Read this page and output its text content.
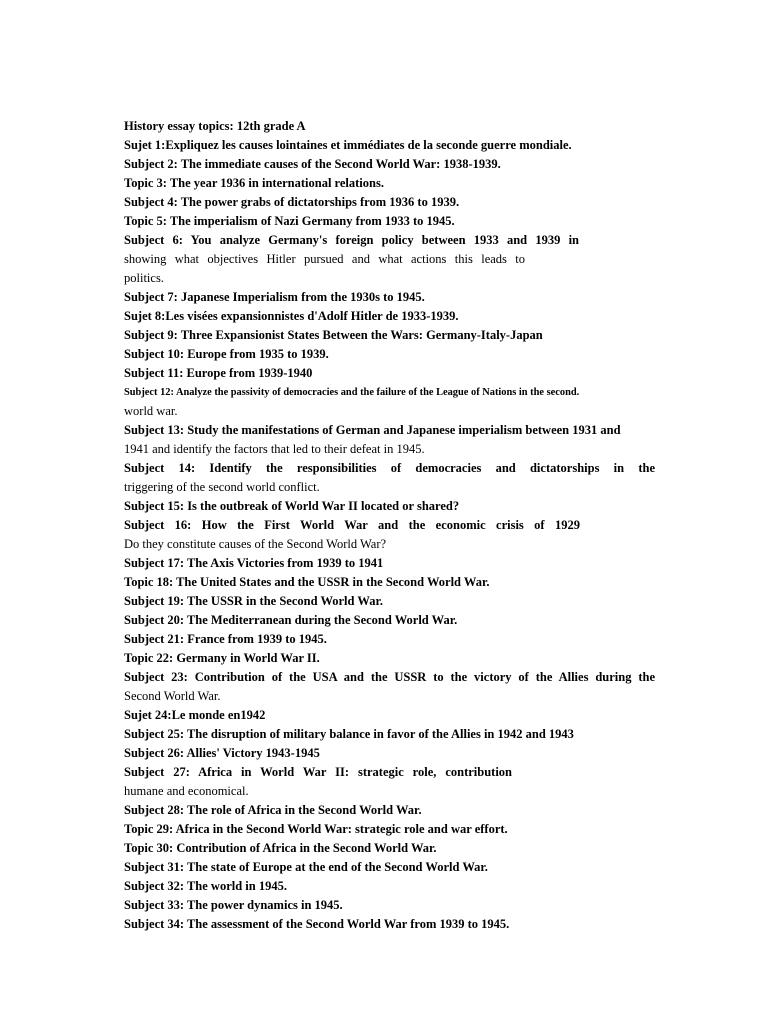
History essay topics: 12th grade A
Sujet 1:Expliquez les causes lointaines et immédiates de la seconde guerre mondiale.
Subject 2: The immediate causes of the Second World War: 1938-1939.
Topic 3: The year 1936 in international relations.
Subject 4: The power grabs of dictatorships from 1936 to 1939.
Topic 5: The imperialism of Nazi Germany from 1933 to 1945.
Subject 6: You analyze Germany's foreign policy between 1933 and 1939 in
showing what objectives Hitler pursued and what actions this leads to
politics.
Subject 7: Japanese Imperialism from the 1930s to 1945.
Sujet 8:Les visées expansionnistes d'Adolf Hitler de 1933-1939.
Subject 9: Three Expansionist States Between the Wars: Germany-Italy-Japan
Subject 10: Europe from 1935 to 1939.
Subject 11: Europe from 1939-1940
Subject 12: Analyze the passivity of democracies and the failure of the League of Nations in the second.
world war.
Subject 13: Study the manifestations of German and Japanese imperialism between 1931 and
1941 and identify the factors that led to their defeat in 1945.
Subject 14: Identify the responsibilities of democracies and dictatorships in the
triggering of the second world conflict.
Subject 15: Is the outbreak of World War II located or shared?
Subject 16: How the First World War and the economic crisis of 1929
Do they constitute causes of the Second World War?
Subject 17: The Axis Victories from 1939 to 1941
Topic 18: The United States and the USSR in the Second World War.
Subject 19: The USSR in the Second World War.
Subject 20: The Mediterranean during the Second World War.
Subject 21: France from 1939 to 1945.
Topic 22: Germany in World War II.
Subject 23: Contribution of the USA and the USSR to the victory of the Allies during the
Second World War.
Sujet 24:Le monde en1942
Subject 25: The disruption of military balance in favor of the Allies in 1942 and 1943
Subject 26: Allies' Victory 1943-1945
Subject 27: Africa in World War II: strategic role, contribution
humane and economical.
Subject 28: The role of Africa in the Second World War.
Topic 29: Africa in the Second World War: strategic role and war effort.
Topic 30: Contribution of Africa in the Second World War.
Subject 31: The state of Europe at the end of the Second World War.
Subject 32: The world in 1945.
Subject 33: The power dynamics in 1945.
Subject 34: The assessment of the Second World War from 1939 to 1945.
